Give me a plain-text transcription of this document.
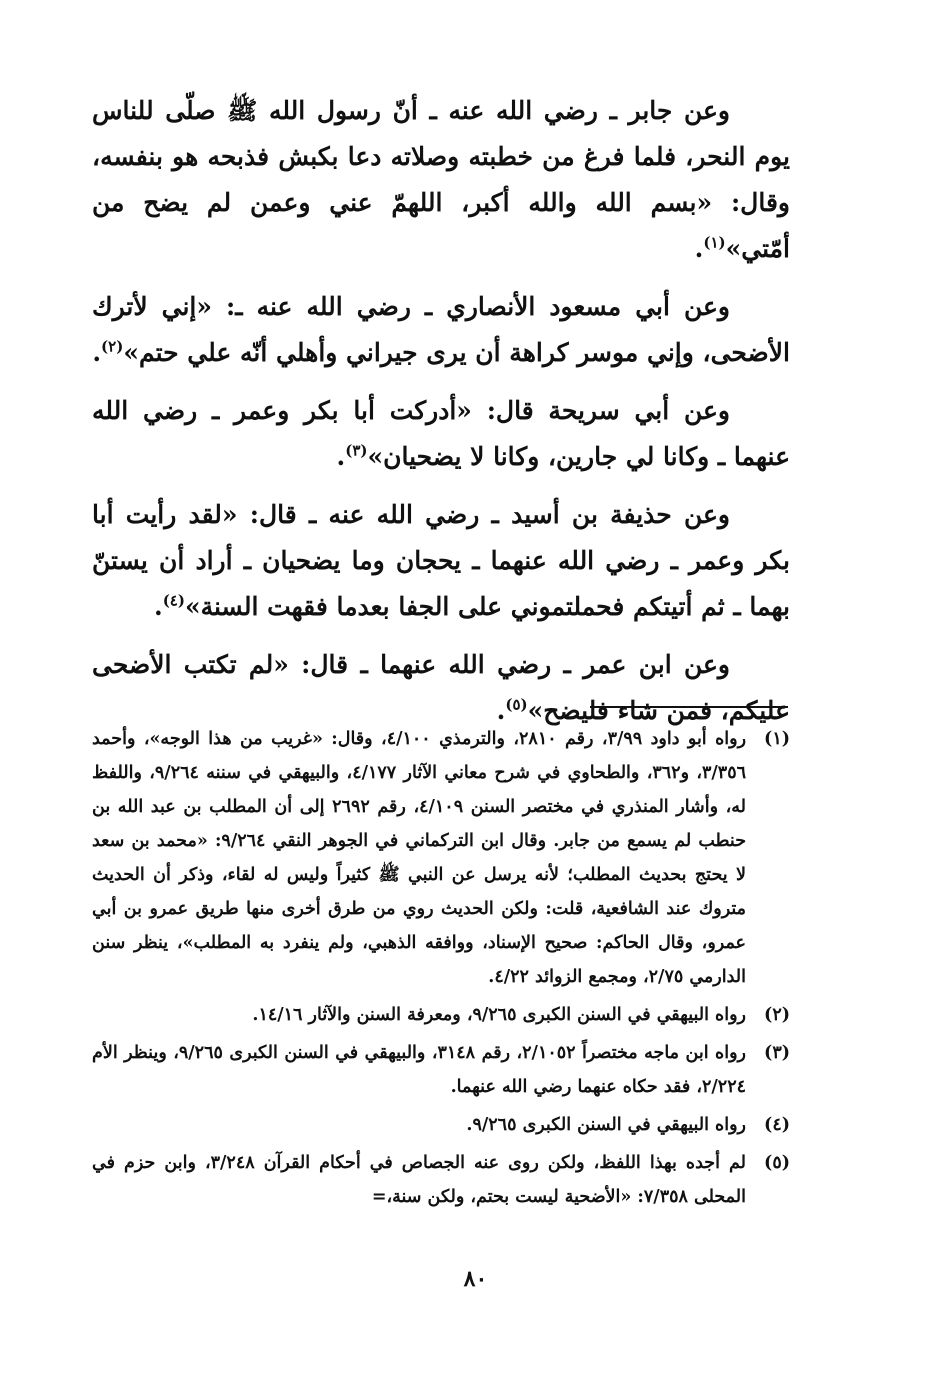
وعن جابر ـ رضي الله عنه ـ أنّ رسول الله ﷺ صلّى للناس يوم النحر، فلما فرغ من خطبته وصلاته دعا بكبش فذبحه هو بنفسه، وقال: «بسم الله والله أكبر، اللهمّ عني وعمن لم يضح من أمّتي»$^{(١)}$.

وعن أبي مسعود الأنصاري ـ رضي الله عنه ـ: «إني لأترك الأضحى، وإني موسر كراهة أن يرى جيراني وأهلي أنّه علي حتم»$^{(٢)}$.

وعن أبي سريحة قال: «أدركت أبا بكر وعمر ـ رضي الله عنهما ـ وكانا لي جارين، وكانا لا يضحيان»$^{(٣)}$.

وعن حذيفة بن أسيد ـ رضي الله عنه ـ قال: «لقد رأيت أبا بكر وعمر ـ رضي الله عنهما ـ يحجان وما يضحيان ـ أراد أن يستنّ بهما ـ ثم أتيتكم فحملتموني على الجفا بعدما فقهت السنة»$^{(٤)}$.

وعن ابن عمر ـ رضي الله عنهما ـ قال: «لم تكتب الأضحى عليكم، فمن شاء فليضح»$^{(٥)}$.

(١)
رواه أبو داود ٣/٩٩، رقم ٢٨١٠، والترمذي ٤/١٠٠، وقال: «غريب من هذا الوجه»، وأحمد ٣/٣٥٦، و٣٦٢، والطحاوي في شرح معاني الآثار ٤/١٧٧، والبيهقي في سننه ٩/٢٦٤، واللفظ له، وأشار المنذري في مختصر السنن ٤/١٠٩، رقم ٢٦٩٢ إلى أن المطلب بن عبد الله بن حنطب لم يسمع من جابر. وقال ابن التركماني في الجوهر النقي ٩/٢٦٤: «محمد بن سعد لا يحتج بحديث المطلب؛ لأنه يرسل عن النبي ﷺ كثيراً وليس له لقاء، وذكر أن الحديث متروك عند الشافعية، قلت: ولكن الحديث روي من طرق أخرى منها طريق عمرو بن أبي عمرو، وقال الحاكم: صحيح الإسناد، ووافقه الذهبي، ولم ينفرد به المطلب»، ينظر سنن الدارمي ٢/٧٥، ومجمع الزوائد ٤/٢٢.
(٢)
رواه البيهقي في السنن الكبرى ٩/٢٦٥، ومعرفة السنن والآثار ١٤/١٦.
(٣)
رواه ابن ماجه مختصراً ٢/١٠٥٢، رقم ٣١٤٨، والبيهقي في السنن الكبرى ٩/٢٦٥، وينظر الأم ٢/٢٢٤، فقد حكاه عنهما رضي الله عنهما.
(٤)
رواه البيهقي في السنن الكبرى ٩/٢٦٥.
(٥)
لم أجده بهذا اللفظ، ولكن روى عنه الجصاص في أحكام القرآن ٣/٢٤٨، وابن حزم في المحلى ٧/٣٥٨: «الأضحية ليست بحتم، ولكن سنة،=
٨٠
